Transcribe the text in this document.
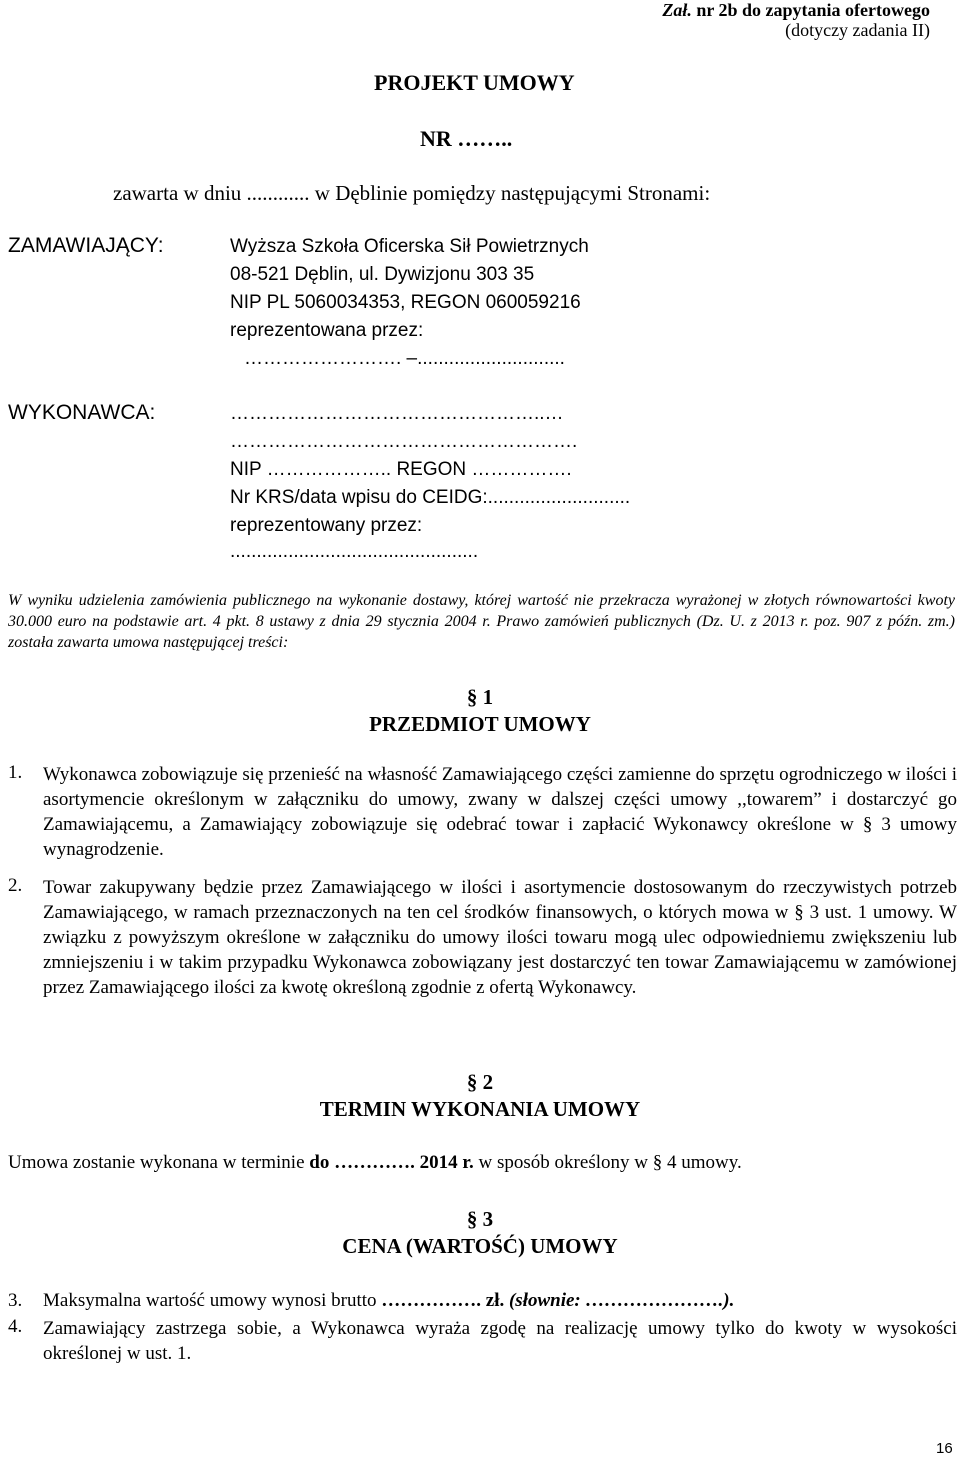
Zał. nr 2b do zapytania ofertowego
(dotyczy zadania II)
PROJEKT UMOWY
NR ……..
zawarta w dniu ............ w Dęblinie pomiędzy następującymi Stronami:
ZAMAWIAJĄCY:	Wyższa Szkoła Oficerska Sił Powietrznych
08-521 Dęblin, ul. Dywizjonu 303 35
NIP PL 5060034353, REGON 060059216
reprezentowana przez:
……………………. –............................
WYKONAWCA:	…………………………………………..…
……………………………………………….
NIP ……………….. REGON …………….
Nr KRS/data wpisu do CEIDG:...........................
reprezentowany przez:
...............................................
W wyniku udzielenia zamówienia publicznego na wykonanie dostawy, której wartość nie przekracza wyrażonej w złotych równowartości kwoty 30.000 euro na podstawie art. 4 pkt. 8 ustawy z dnia 29 stycznia 2004 r. Prawo zamówień publicznych (Dz. U. z 2013 r. poz. 907 z późn. zm.) została zawarta umowa następującej treści:
§ 1
PRZEDMIOT UMOWY
1. Wykonawca zobowiązuje się przenieść na własność Zamawiającego części zamienne do sprzętu ogrodniczego w ilości i asortymencie określonym w załączniku do umowy, zwany w dalszej części umowy ,,towarem” i dostarczyć go Zamawiającemu, a Zamawiający zobowiązuje się odebrać towar i zapłacić Wykonawcy określone w § 3 umowy wynagrodzenie.
2. Towar zakupywany będzie przez Zamawiającego w ilości i asortymencie dostosowanym do rzeczywistych potrzeb Zamawiającego, w ramach przeznaczonych na ten cel środków finansowych, o których mowa w § 3 ust. 1 umowy. W związku z powyższym określone w załączniku do umowy ilości towaru mogą ulec odpowiedniemu zwiększeniu lub zmniejszeniu i w takim przypadku Wykonawca zobowiązany jest dostarczyć ten towar Zamawiającemu w zamówionej przez Zamawiającego ilości za kwotę określoną zgodnie z ofertą Wykonawcy.
§ 2
TERMIN WYKONANIA UMOWY
Umowa zostanie wykonana w terminie do …………. 2014 r. w sposób określony w § 4 umowy.
§ 3
CENA (WARTOŚĆ) UMOWY
3. Maksymalna wartość umowy wynosi brutto ……………. zł. (słownie: ………………….).
4. Zamawiający zastrzega sobie, a Wykonawca wyraża zgodę na realizację umowy tylko do kwoty w wysokości określonej w ust. 1.
16
